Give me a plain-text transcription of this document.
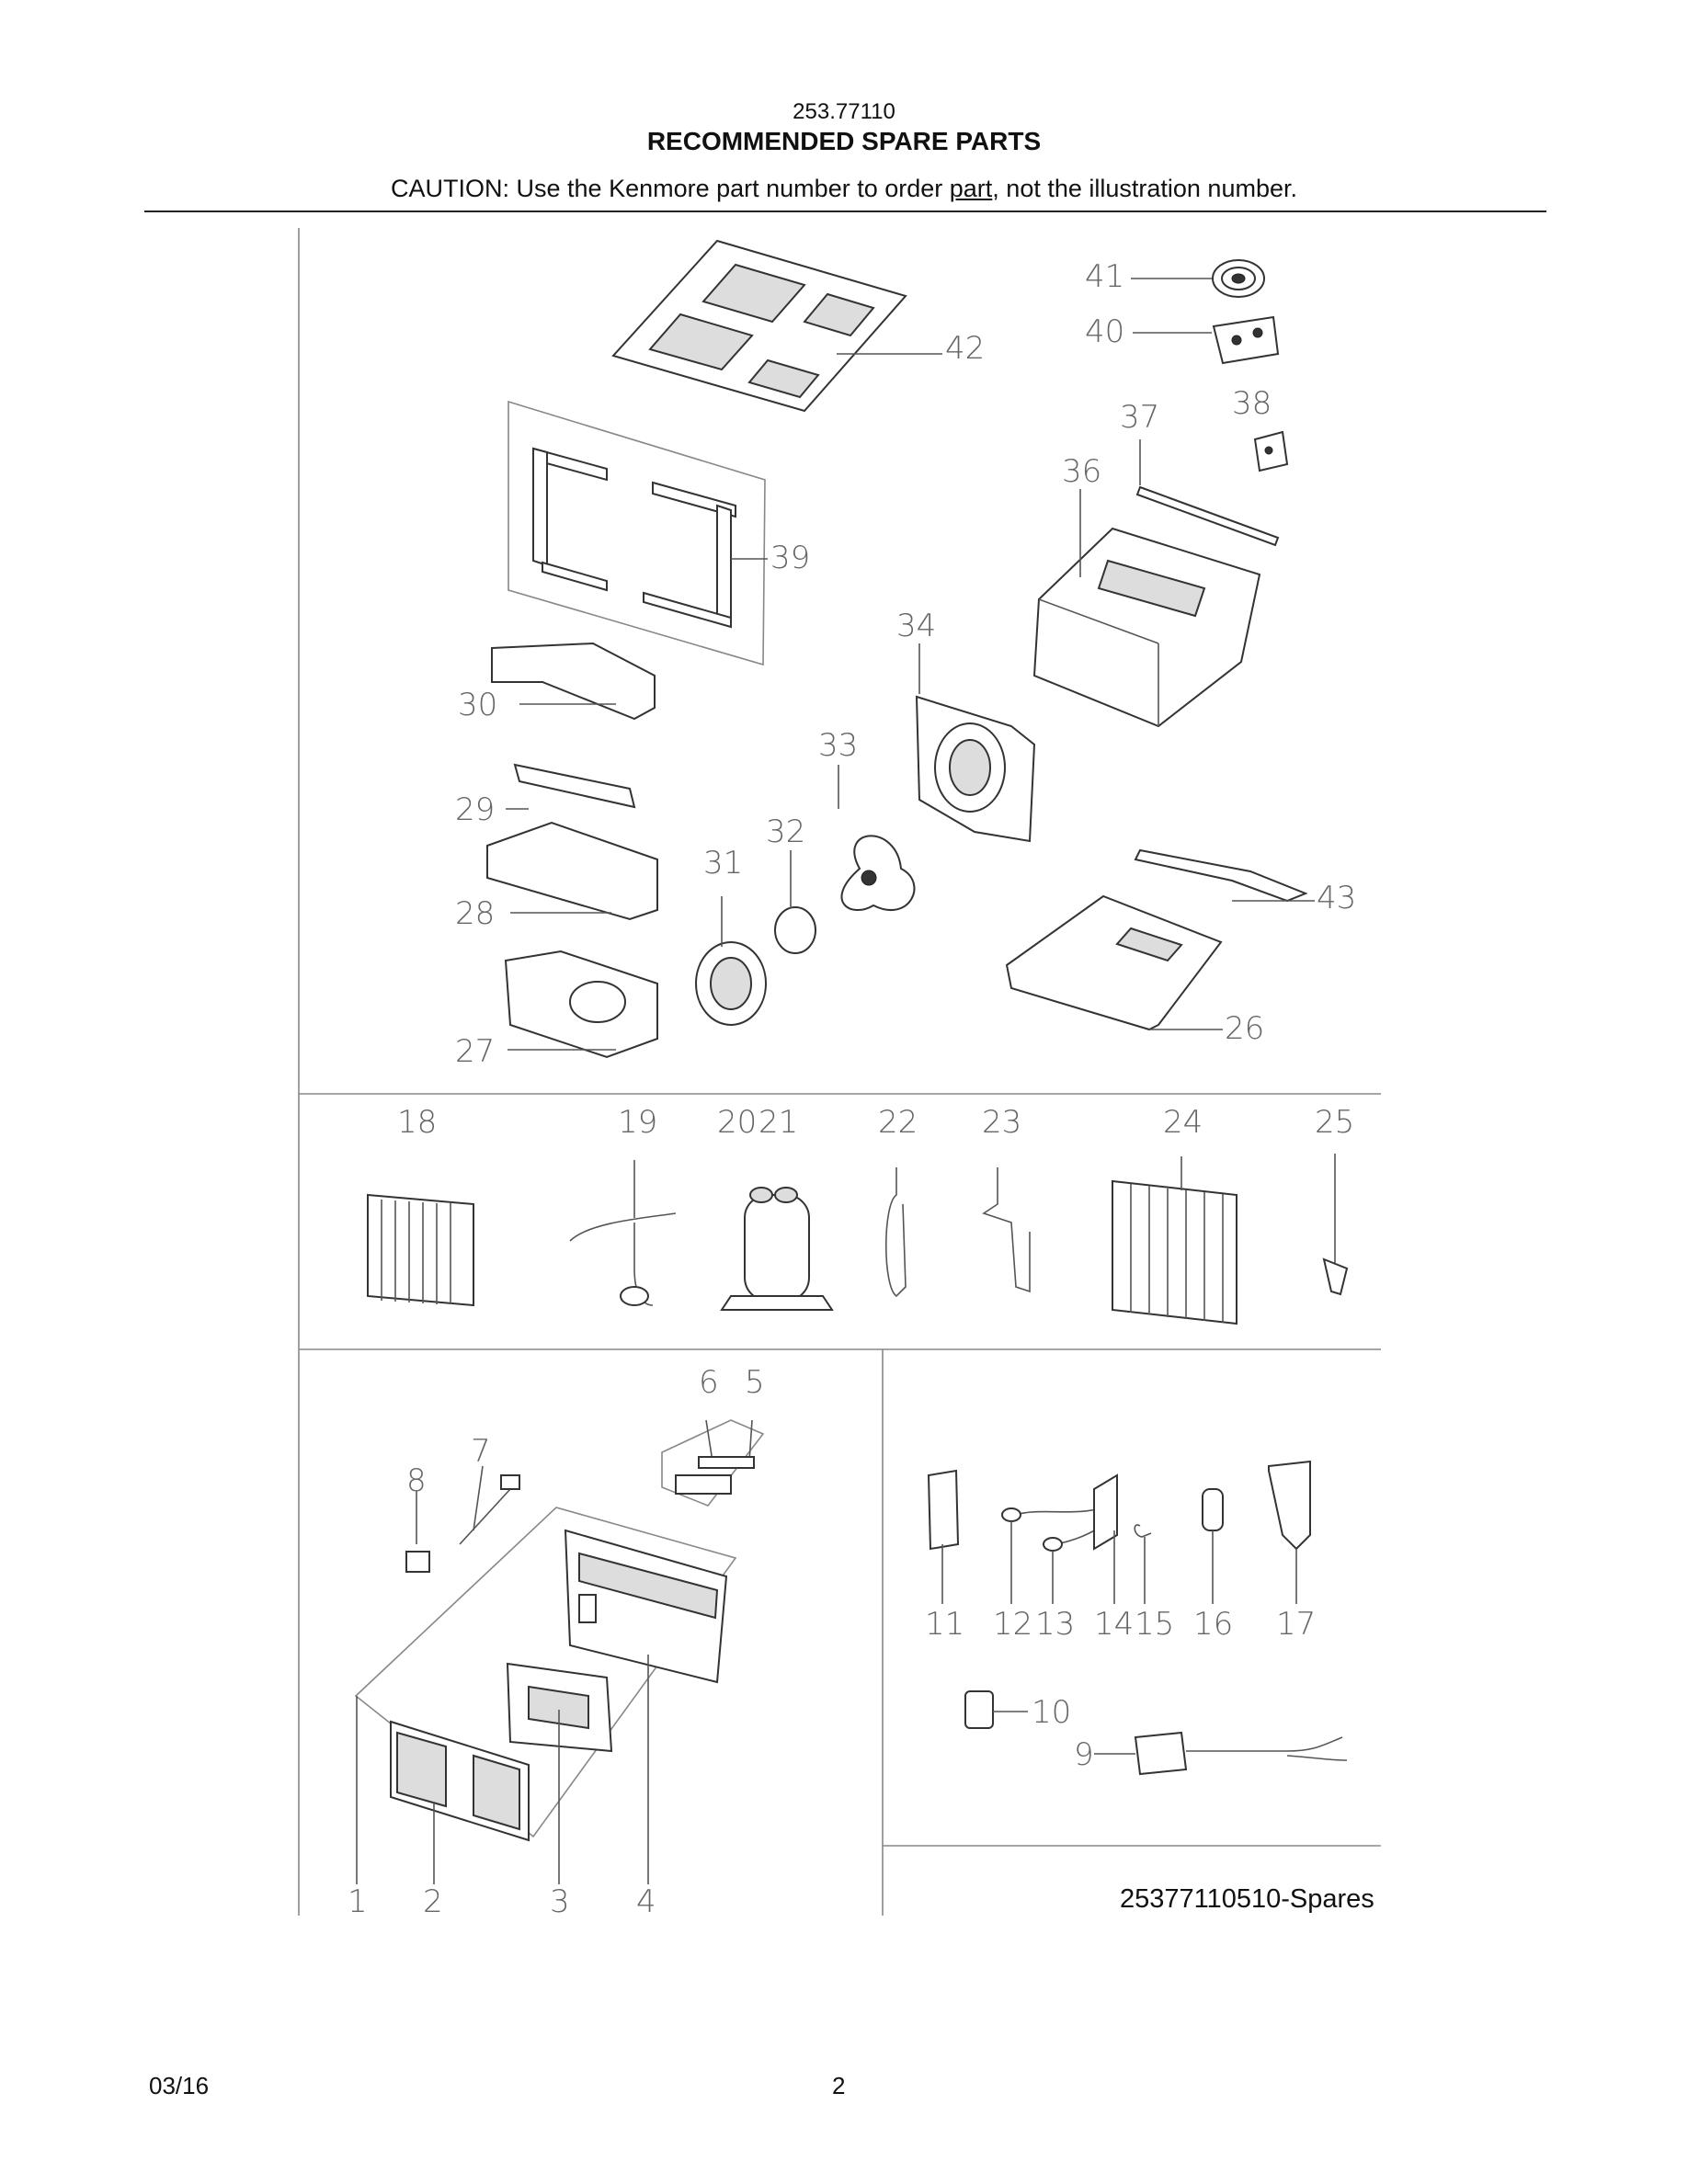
253.77110
RECOMMENDED SPARE PARTS
CAUTION: Use the Kenmore part number to order part, not the illustration number.
42
41
40
38
37
36
39
34
30
33
29
32
31
43
28
26
27
18	19 20 21	22 23	24	25
6 5
7
8
1 2	3 4
11 12 13 14 15 16 17
10
9
25377110510-Spares
03/16	2
